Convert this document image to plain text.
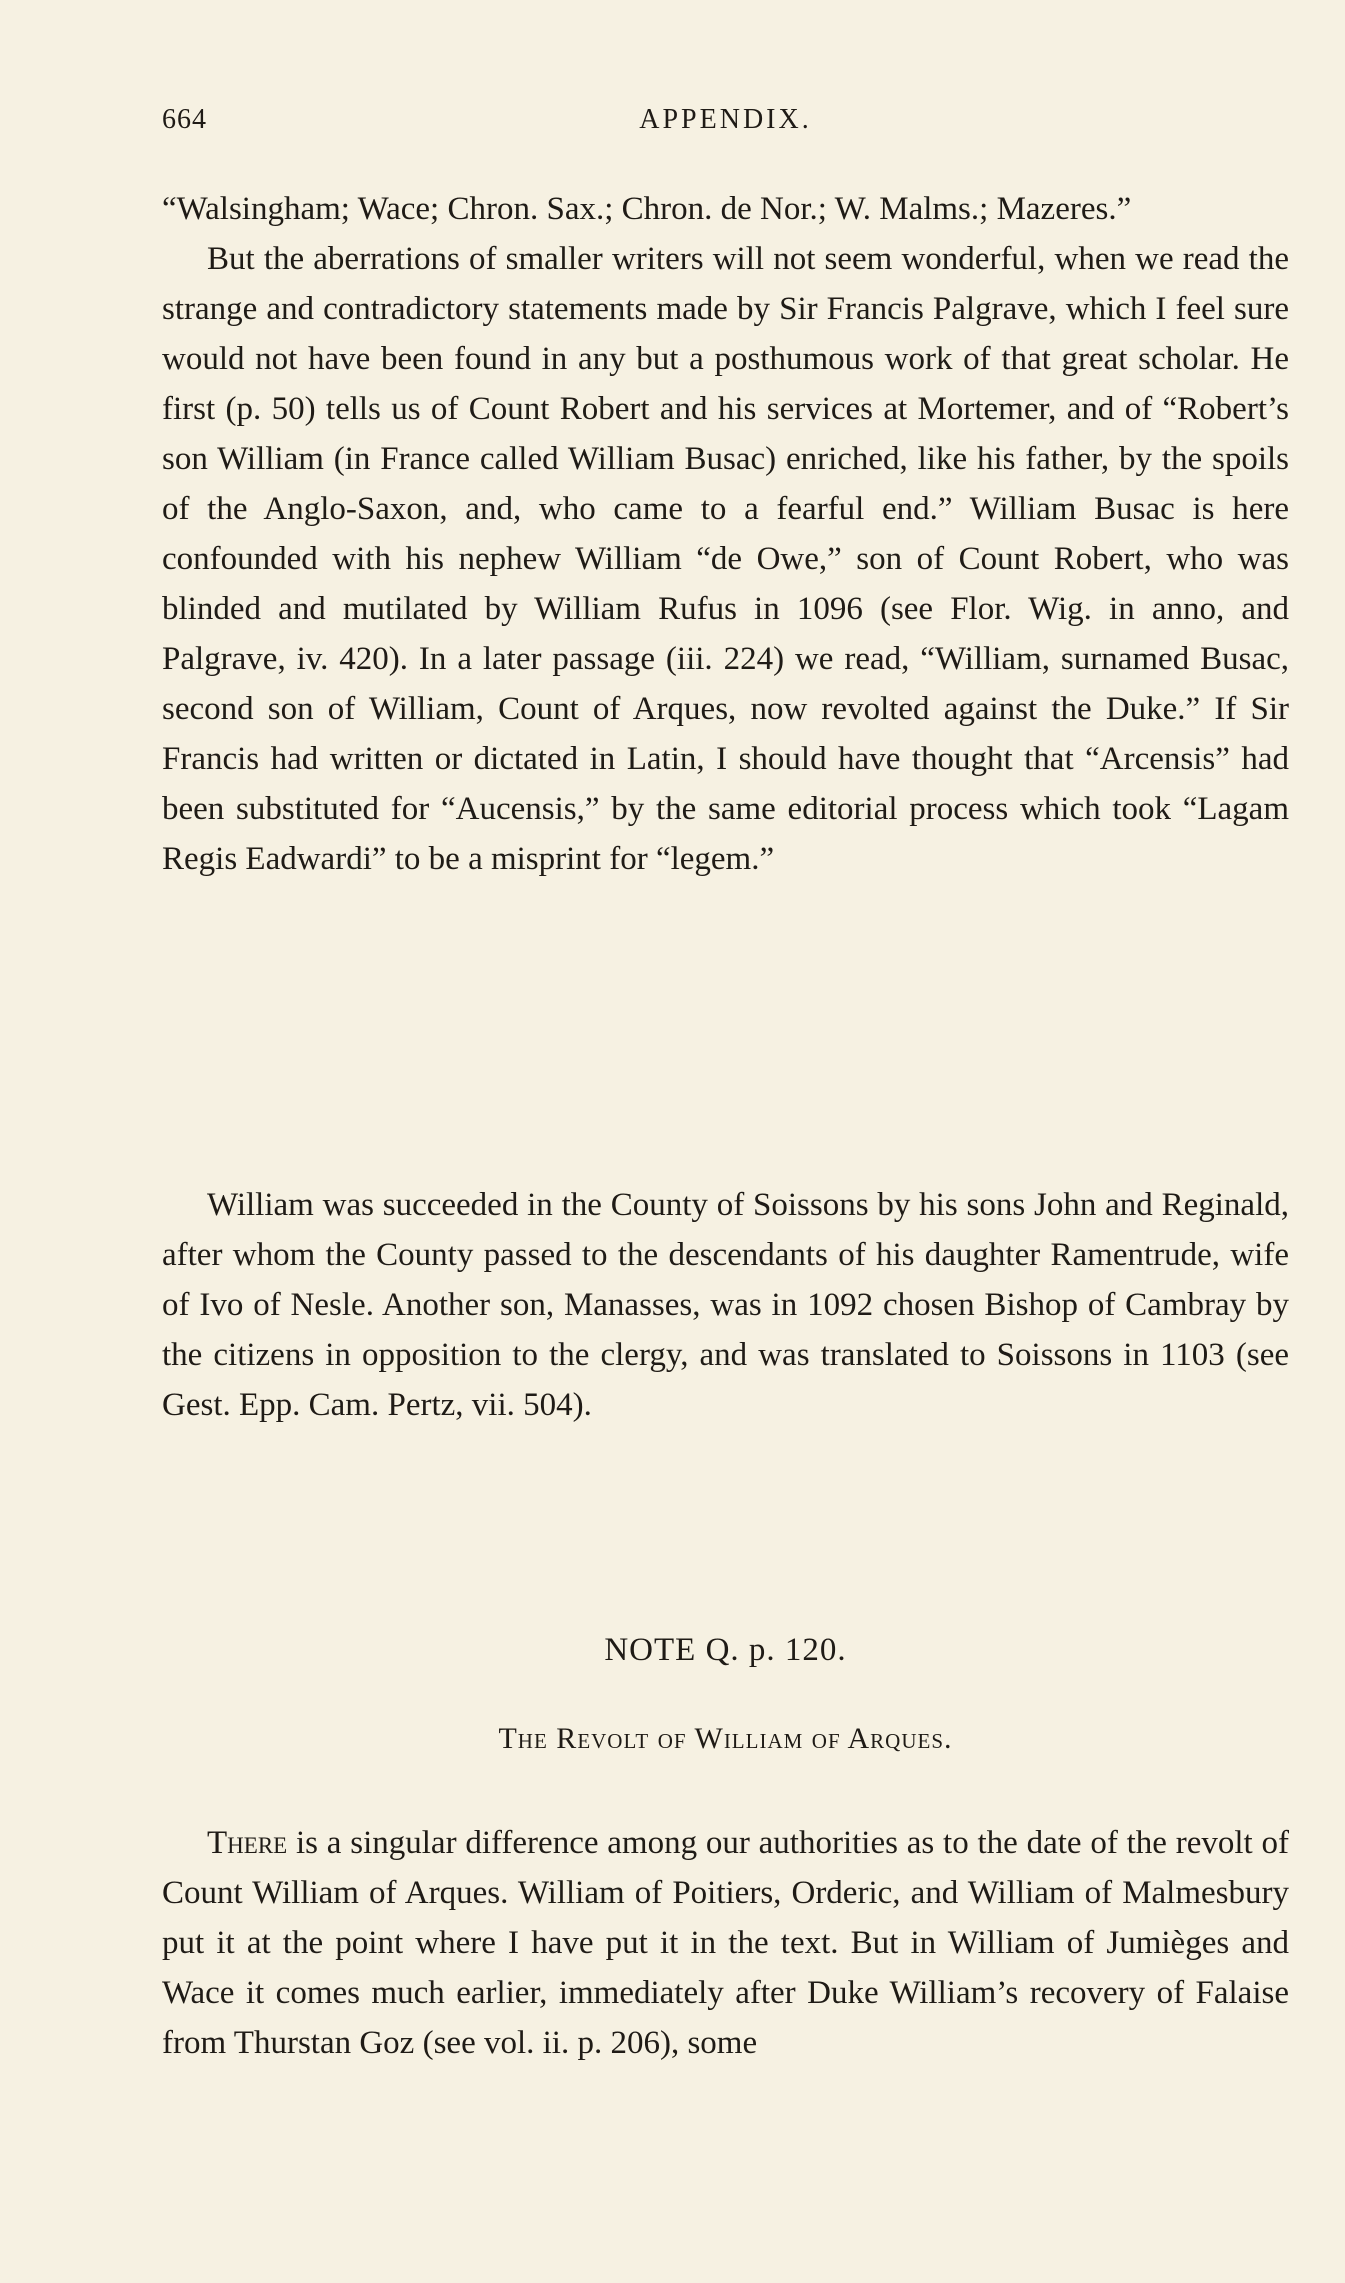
664	APPENDIX.

“Walsingham; Wace; Chron. Sax.; Chron. de Nor.; W. Malms.; Mazeres.”

But the aberrations of smaller writers will not seem wonderful, when we read the strange and contradictory statements made by Sir Francis Palgrave, which I feel sure would not have been found in any but a posthumous work of that great scholar. He first (p. 50) tells us of Count Robert and his services at Mortemer, and of “Robert’s son William (in France called William Busac) enriched, like his father, by the spoils of the Anglo-Saxon, and, who came to a fearful end.” William Busac is here confounded with his nephew William “de Owe,” son of Count Robert, who was blinded and mutilated by William Rufus in 1096 (see Flor. Wig. in anno, and Palgrave, iv. 420). In a later passage (iii. 224) we read, “William, surnamed Busac, second son of William, Count of Arques, now revolted against the Duke.” If Sir Francis had written or dictated in Latin, I should have thought that “Arcensis” had been substituted for “Aucensis,” by the same editorial process which took “Lagam Regis Eadwardi” to be a misprint for “legem.”

William was succeeded in the County of Soissons by his sons John and Reginald, after whom the County passed to the descendants of his daughter Ramentrude, wife of Ivo of Nesle. Another son, Manasses, was in 1092 chosen Bishop of Cambray by the citizens in opposition to the clergy, and was translated to Soissons in 1103 (see Gest. Epp. Cam. Pertz, vii. 504).

NOTE Q. p. 120.
The Revolt of William of Arques.

There is a singular difference among our authorities as to the date of the revolt of Count William of Arques. William of Poitiers, Orderic, and William of Malmesbury put it at the point where I have put it in the text. But in William of Jumièges and Wace it comes much earlier, immediately after Duke William’s recovery of Falaise from Thurstan Goz (see vol. ii. p. 206), some
